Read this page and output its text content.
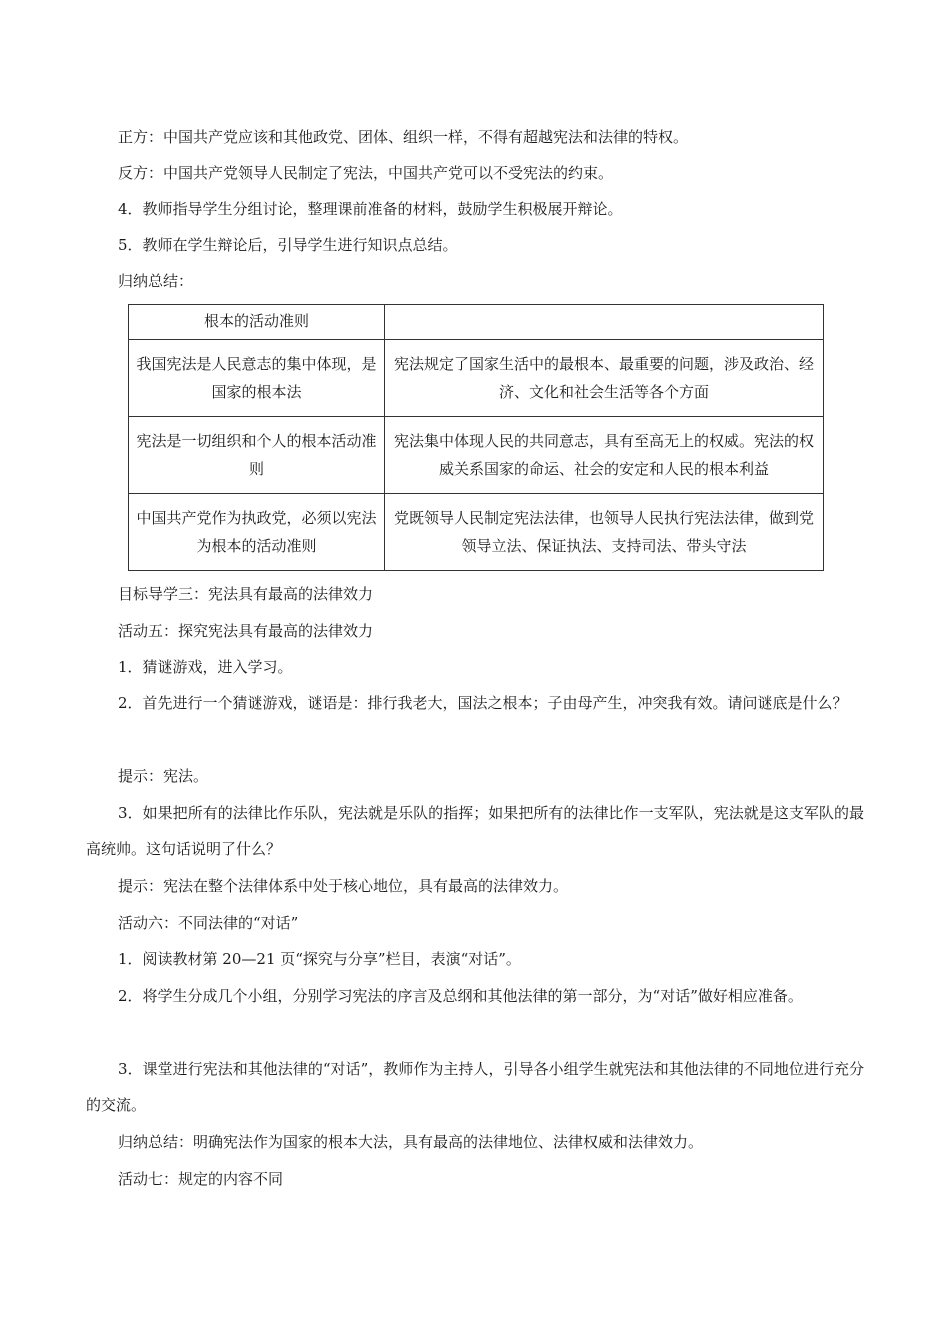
正方：中国共产党应该和其他政党、团体、组织一样，不得有超越宪法和法律的特权。
反方：中国共产党领导人民制定了宪法，中国共产党可以不受宪法的约束。
4．教师指导学生分组讨论，整理课前准备的材料，鼓励学生积极展开辩论。
5．教师在学生辩论后，引导学生进行知识点总结。
归纳总结：
根本的活动准则	
我国宪法是人民意志的集中体现，是国家的根本法	宪法规定了国家生活中的最根本、最重要的问题，涉及政治、经济、文化和社会生活等各个方面
宪法是一切组织和个人的根本活动准则	宪法集中体现人民的共同意志，具有至高无上的权威。宪法的权威关系国家的命运、社会的安定和人民的根本利益
中国共产党作为执政党，必须以宪法为根本的活动准则	党既领导人民制定宪法法律，也领导人民执行宪法法律，做到党领导立法、保证执法、支持司法、带头守法
目标导学三：宪法具有最高的法律效力
活动五：探究宪法具有最高的法律效力
1．猜谜游戏，进入学习。
2．首先进行一个猜谜游戏，谜语是：排行我老大，国法之根本；子由母产生，冲突我有效。请问谜底是什么？
提示：宪法。
3．如果把所有的法律比作乐队，宪法就是乐队的指挥；如果把所有的法律比作一支军队，宪法就是这支军队的最高统帅。这句话说明了什么？
提示：宪法在整个法律体系中处于核心地位，具有最高的法律效力。
活动六：不同法律的“对话”
1．阅读教材第 20—21 页“探究与分享”栏目，表演“对话”。
2．将学生分成几个小组，分别学习宪法的序言及总纲和其他法律的第一部分，为“对话”做好相应准备。
3．课堂进行宪法和其他法律的“对话”，教师作为主持人，引导各小组学生就宪法和其他法律的不同地位进行充分的交流。
归纳总结：明确宪法作为国家的根本大法，具有最高的法律地位、法律权威和法律效力。
活动七：规定的内容不同
